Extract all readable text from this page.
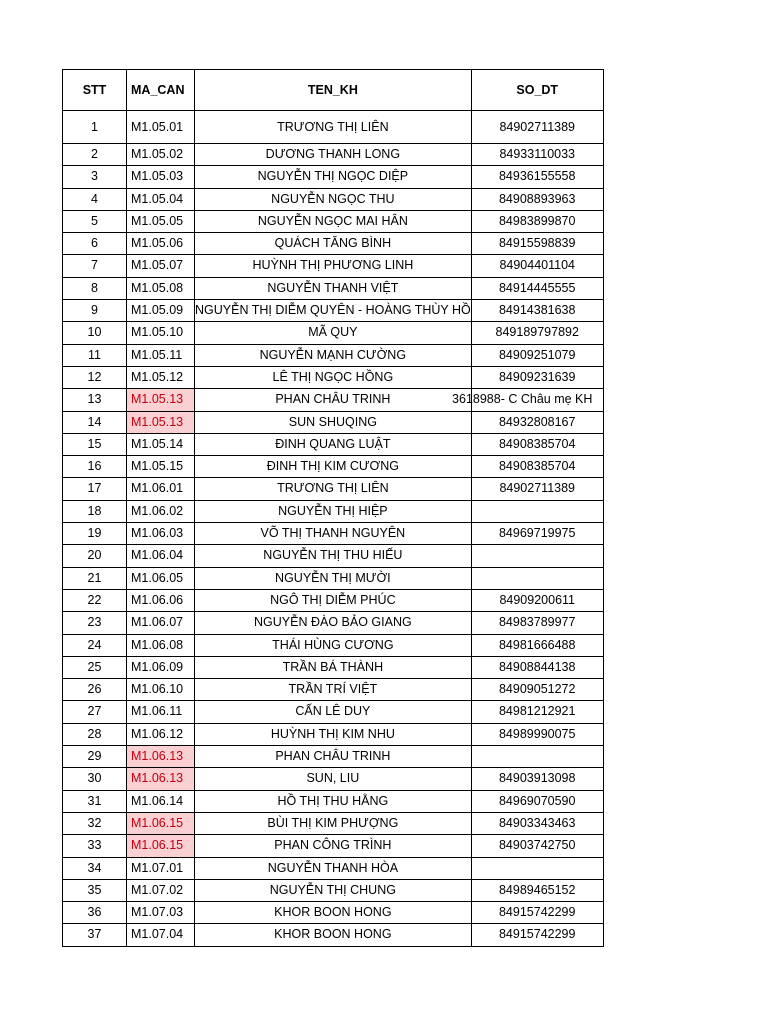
STT	MA_CAN	TEN_KH	SO_DT
1	M1.05.01	TRƯƠNG THỊ LIÊN	84902711389
2	M1.05.02	DƯƠNG THANH LONG	84933110033
3	M1.05.03	NGUYỄN THỊ NGỌC DIỆP	84936155558
4	M1.05.04	NGUYỄN NGỌC THU	84908893963
5	M1.05.05	NGUYỄN NGỌC MAI HÂN	84983899870
6	M1.05.06	QUÁCH TĂNG BÌNH	84915598839
7	M1.05.07	HUỲNH THỊ PHƯƠNG LINH	84904401104
8	M1.05.08	NGUYỄN THANH VIỆT	84914445555
9	M1.05.09	NGUYỄN THỊ DIỄM QUYÊN - HOÀNG THÙY HỒ	84914381638
10	M1.05.10	MÃ QUY	849189797892
11	M1.05.11	NGUYỄN MẠNH CƯỜNG	84909251079
12	M1.05.12	LÊ THỊ NGỌC HỒNG	84909231639
13	M1.05.13	PHAN CHÂU TRINH	3618988- C Châu mẹ KH

14	M1.05.13	SUN SHUQING	84932808167
15	M1.05.14	ĐINH QUANG LUẬT	84908385704
16	M1.05.15	ĐINH THỊ KIM CƯƠNG	84908385704
17	M1.06.01	TRƯƠNG THỊ LIÊN	84902711389
18	M1.06.02	NGUYỄN THỊ HIỆP	
19	M1.06.03	VÕ THỊ THANH NGUYÊN	84969719975
20	M1.06.04	NGUYỄN THỊ THU HIẾU	
21	M1.06.05	NGUYỄN THỊ MƯỜI	
22	M1.06.06	NGÔ THỊ DIỄM PHÚC	84909200611
23	M1.06.07	NGUYỄN ĐÀO BẢO GIANG	84983789977
24	M1.06.08	THÁI HÙNG CƯƠNG	84981666488
25	M1.06.09	TRẦN BÁ THÀNH	84908844138
26	M1.06.10	TRẦN TRÍ VIỆT	84909051272
27	M1.06.11	CẤN LÊ DUY	84981212921
28	M1.06.12	HUỲNH THỊ KIM NHU	84989990075
29	M1.06.13	PHAN CHÂU TRINH	
30	M1.06.13	SUN, LIU	84903913098
31	M1.06.14	HỒ THỊ THU HẰNG	84969070590
32	M1.06.15	BÙI THỊ KIM PHƯỢNG	84903343463
33	M1.06.15	PHAN CÔNG TRÌNH	84903742750
34	M1.07.01	NGUYỄN THANH HÒA	
35	M1.07.02	NGUYỄN THỊ CHUNG	84989465152
36	M1.07.03	KHOR BOON HONG	84915742299
37	M1.07.04	KHOR BOON HONG	84915742299
